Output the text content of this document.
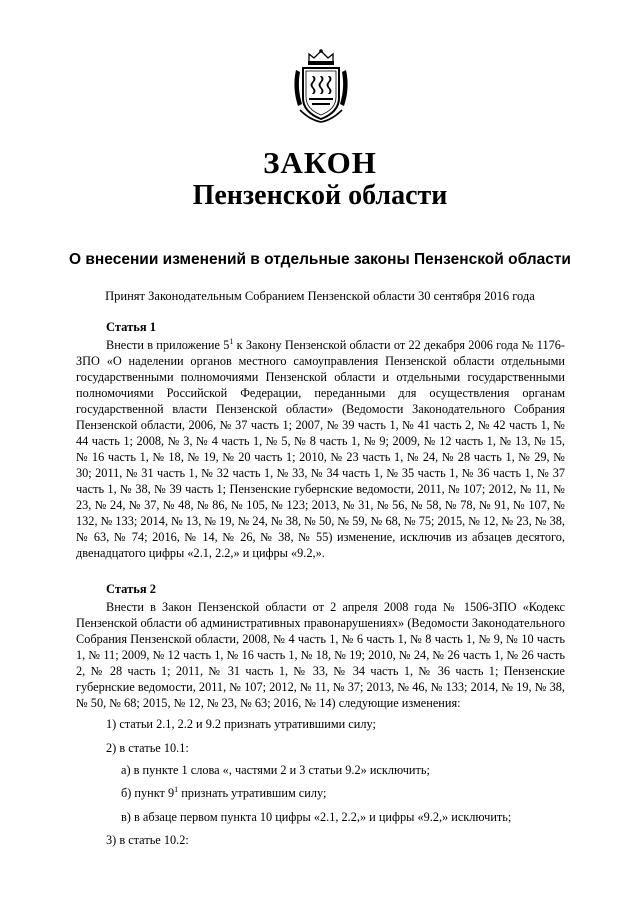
ЗАКОН
Пензенской области
О внесении изменений в отдельные законы Пензенской области
Принят Законодательным Собранием Пензенской области 30 сентября 2016 года
Статья 1

Внести в приложение $5^1$ к Закону Пензенской области от 22 декабря 2006 года № 1176-ЗПО «О наделении органов местного самоуправления Пензенской области отдельными государственными полномочиями Пензенской области и отдельными государственными полномочиями Российской Федерации, переданными для осуществления органам государственной власти Пензенской области» (Ведомости Законодательного Собрания Пензенской области, 2006, № 37 часть 1; 2007, № 39 часть 1, № 41 часть 2, № 42 часть 1, № 44 часть 1; 2008, № 3, № 4 часть 1, № 5, № 8 часть 1, № 9; 2009, № 12 часть 1, № 13, № 15, № 16 часть 1, № 18, № 19, № 20 часть 1; 2010, № 23 часть 1, № 24, № 28 часть 1, № 29, № 30; 2011, № 31 часть 1, № 32 часть 1, № 33, № 34 часть 1, № 35 часть 1, № 36 часть 1, № 37 часть 1, № 38, № 39 часть 1; Пензенские губернские ведомости, 2011, № 107; 2012, № 11, № 23, № 24, № 37, № 48, № 86, № 105, № 123; 2013, № 31, № 56, № 58, № 78, № 91, № 107, № 132, № 133; 2014, № 13, № 19, № 24, № 38, № 50, № 59, № 68, № 75; 2015, № 12, № 23, № 38, № 63, № 74; 2016, № 14, № 26, № 38, № 55) изменение, исключив из абзацев десятого, двенадцатого цифры «2.1, 2.2,» и цифры «9.2,».

Статья 2

Внести в Закон Пензенской области от 2 апреля 2008 года № 1506-ЗПО «Кодекс Пензенской области об административных правонарушениях» (Ведомости Законодательного Собрания Пензенской области, 2008, № 4 часть 1, № 6 часть 1, № 8 часть 1, № 9, № 10 часть 1, № 11; 2009, № 12 часть 1, № 16 часть 1, № 18, № 19; 2010, № 24, № 26 часть 1, № 26 часть 2, № 28 часть 1; 2011, № 31 часть 1, № 33, № 34 часть 1, № 36 часть 1; Пензенские губернские ведомости, 2011, № 107; 2012, № 11, № 37; 2013, № 46, № 133; 2014, № 19, № 38, № 50, № 68; 2015, № 12, № 23, № 63; 2016, № 14) следующие изменения:

1) статьи 2.1, 2.2 и 9.2 признать утратившими силу;
2) в статье 10.1:
а) в пункте 1 слова «, частями 2 и 3 статьи 9.2» исключить;
б) пункт $9^1$ признать утратившим силу;
в) в абзаце первом пункта 10 цифры «2.1, 2.2,» и цифры «9.2,» исключить;
3) в статье 10.2:
